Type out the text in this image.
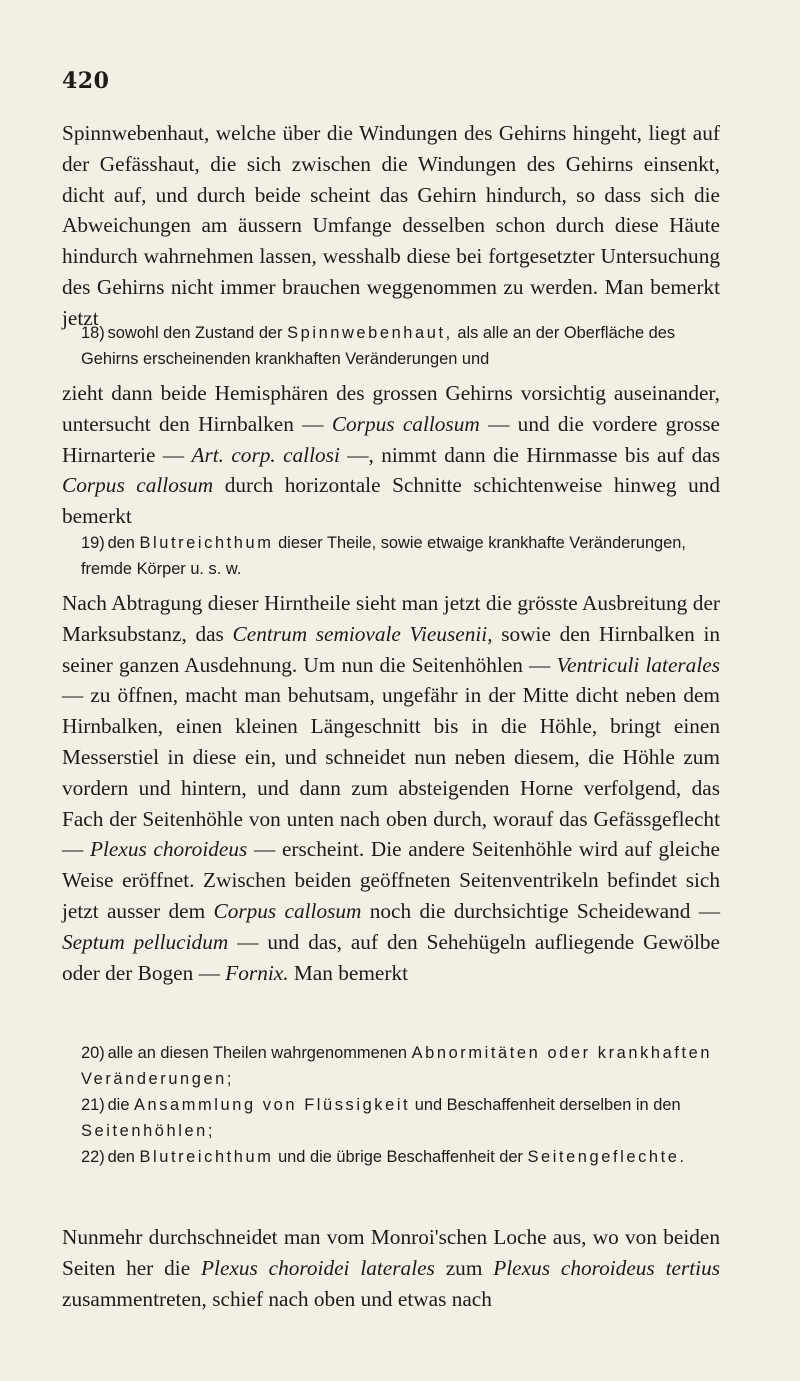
420

Spinnwebenhaut, welche über die Windungen des Gehirns hingeht, liegt auf der Gefässhaut, die sich zwischen die Windungen des Gehirns einsenkt, dicht auf, und durch beide scheint das Gehirn hindurch, so dass sich die Abweichungen am äussern Umfange desselben schon durch diese Häute hindurch wahrnehmen lassen, wesshalb diese bei fortgesetzter Untersuchung des Gehirns nicht immer brauchen weggenommen zu werden. Man bemerkt jetzt

18) sowohl den Zustand der Spinnwebenhaut, als alle an der Oberfläche des Gehirns erscheinenden krankhaften Veränderungen und

zieht dann beide Hemisphären des grossen Gehirns vorsichtig auseinander, untersucht den Hirnbalken — Corpus callosum — und die vordere grosse Hirnarterie — Art. corp. callosi —, nimmt dann die Hirnmasse bis auf das Corpus callosum durch horizontale Schnitte schichtenweise hinweg und bemerkt

19) den Blutreichthum dieser Theile, sowie etwaige krankhafte Veränderungen, fremde Körper u. s. w.

Nach Abtragung dieser Hirntheile sieht man jetzt die grösste Ausbreitung der Marksubstanz, das Centrum semiovale Vieusenii, sowie den Hirnbalken in seiner ganzen Ausdehnung. Um nun die Seitenhöhlen — Ventriculi laterales — zu öffnen, macht man behutsam, ungefähr in der Mitte dicht neben dem Hirnbalken, einen kleinen Längeschnitt bis in die Höhle, bringt einen Messerstiel in diese ein, und schneidet nun neben diesem, die Höhle zum vordern und hintern, und dann zum absteigenden Horne verfolgend, das Fach der Seitenhöhle von unten nach oben durch, worauf das Gefässgeflecht — Plexus choroideus — erscheint. Die andere Seitenhöhle wird auf gleiche Weise eröffnet. Zwischen beiden geöffneten Seitenventrikeln befindet sich jetzt ausser dem Corpus callosum noch die durchsichtige Scheidewand — Septum pellucidum — und das, auf den Sehehügeln aufliegende Gewölbe oder der Bogen — Fornix. Man bemerkt

20) alle an diesen Theilen wahrgenommenen Abnormitäten oder krankhaften Veränderungen;
21) die Ansammlung von Flüssigkeit und Beschaffenheit derselben in den Seitenhöhlen;
22) den Blutreichthum und die übrige Beschaffenheit der Seitengeflechte.

Nunmehr durchschneidet man vom Monroi'schen Loche aus, wo von beiden Seiten her die Plexus choroidei laterales zum Plexus choroideus tertius zusammentreten, schief nach oben und etwas nach
